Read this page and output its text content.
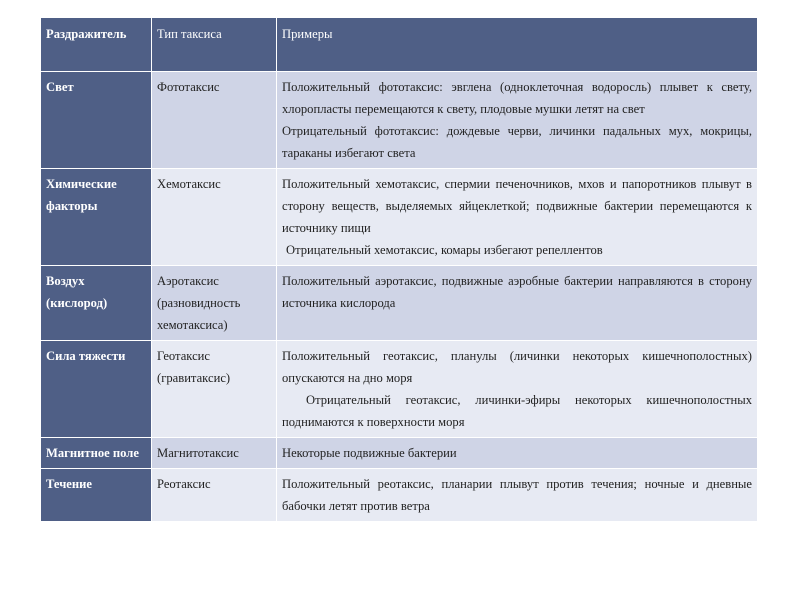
Раздражитель	Тип таксиса	Примеры
Свет	Фототаксис	Положительный фототаксис: эвглена (одноклеточная водоросль) плывет к свету, хлоропласты перемещаются к свету, плодовые мушки летят на свет

Отрицательный фототаксис: дождевые черви, личинки падальных мух, мокрицы, тараканы избегают света

Химические факторы	Хемотаксис	Положительный хемотаксис, спермии печеночников, мхов и папоротников плывут в сторону веществ, выделяемых яйцеклеткой; подвижные бактерии перемещаются к источнику пищи

Отрицательный хемотаксис, комары избегают репеллентов

Воздух (кислород)	Аэротаксис (разновидность хемотаксиса)	Положительный аэротаксис, подвижные аэробные бактерии направляются в сторону источника кислорода

Сила тяжести	Геотаксис (гравитаксис)	Положительный геотаксис, планулы (личинки некоторых кишечнополостных) опускаются на дно моря

Отрицательный геотаксис, личинки-эфиры некоторых кишечнополостных поднимаются к поверхности моря

Магнитное поле	Магнитотаксис	Некоторые подвижные бактерии

Течение	Реотаксис	Положительный реотаксис, планарии плывут против течения; ночные и дневные бабочки летят против ветра
